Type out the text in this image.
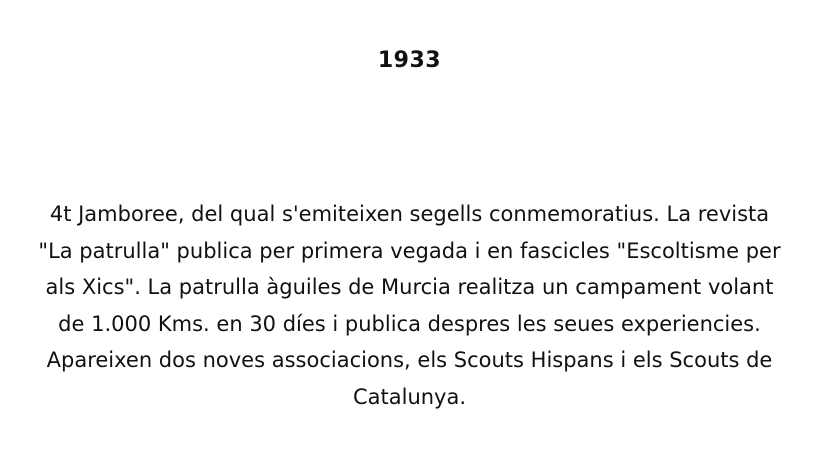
1933
4t Jamboree, del qual s'emiteixen segells conmemoratius. La revista "La patrulla" publica per primera vegada i en fascicles "Escoltisme per als Xics". La patrulla àguiles de Murcia realitza un campament volant de 1.000 Kms. en 30 díes i publica despres les seues experiencies. Apareixen dos noves associacions, els Scouts Hispans i els Scouts de Catalunya.
